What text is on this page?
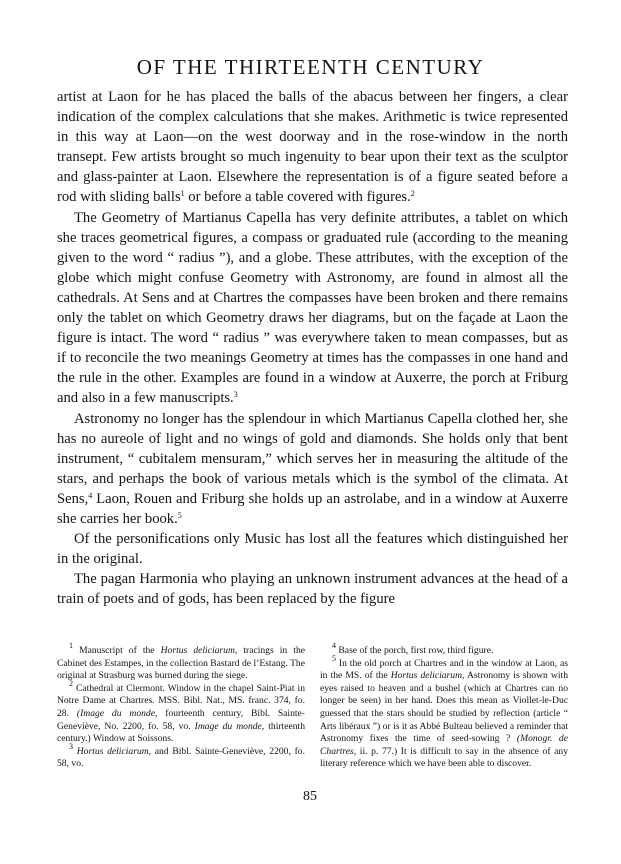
OF THE THIRTEENTH CENTURY

artist at Laon for he has placed the balls of the abacus between her fingers, a clear indication of the complex calculations that she makes. Arithmetic is twice represented in this way at Laon—on the west doorway and in the rose-window in the north transept. Few artists brought so much ingenuity to bear upon their text as the sculptor and glass-painter at Laon. Elsewhere the representation is of a figure seated before a rod with sliding balls$^1$ or before a table covered with figures.$^2$

The Geometry of Martianus Capella has very definite attributes, a tablet on which she traces geometrical figures, a compass or graduated rule (according to the meaning given to the word “ radius ”), and a globe. These attributes, with the exception of the globe which might confuse Geometry with Astronomy, are found in almost all the cathedrals. At Sens and at Chartres the compasses have been broken and there remains only the tablet on which Geometry draws her diagrams, but on the façade at Laon the figure is intact. The word “ radius ” was everywhere taken to mean compasses, but as if to reconcile the two meanings Geometry at times has the compasses in one hand and the rule in the other. Examples are found in a window at Auxerre, the porch at Friburg and also in a few manuscripts.$^3$

Astronomy no longer has the splendour in which Martianus Capella clothed her, she has no aureole of light and no wings of gold and diamonds. She holds only that bent instrument, “ cubitalem mensuram,” which serves her in measuring the altitude of the stars, and perhaps the book of various metals which is the symbol of the climata. At Sens,$^4$ Laon, Rouen and Friburg she holds up an astrolabe, and in a window at Auxerre she carries her book.$^5$

Of the personifications only Music has lost all the features which distinguished her in the original.

The pagan Harmonia who playing an unknown instrument advances at the head of a train of poets and of gods, has been replaced by the figure

$^1$ Manuscript of the Hortus deliciarum, tracings in the Cabinet des Estampes, in the collection Bastard de l’Estang. The original at Strasburg was burned during the siege.

$^2$ Cathedral at Clermont. Window in the chapel Saint-Piat in Notre Dame at Chartres. MSS. Bibl. Nat., MS. franc. 374, fo. 28. (Image du monde, fourteenth century, Bibl. Sainte-Geneviève, No. 2200, fo. 58, vo. Image du monde, thirteenth century.) Window at Soissons.

$^3$ Hortus deliciarum, and Bibl. Sainte-Geneviève, 2200, fo. 58, vo.

$^4$ Base of the porch, first row, third figure.

$^5$ In the old porch at Chartres and in the window at Laon, as in the MS. of the Hortus deliciarum, Astronomy is shown with eyes raised to heaven and a bushel (which at Chartres can no longer be seen) in her hand. Does this mean as Viollet-le-Duc guessed that the stars should be studied by reflection (article “ Arts libéraux ”) or is it as Abbé Bulteau believed a reminder that Astronomy fixes the time of seed-sowing ? (Monogr. de Chartres, ii. p. 77.) It is difficult to say in the absence of any literary reference which we have been able to discover.

85
